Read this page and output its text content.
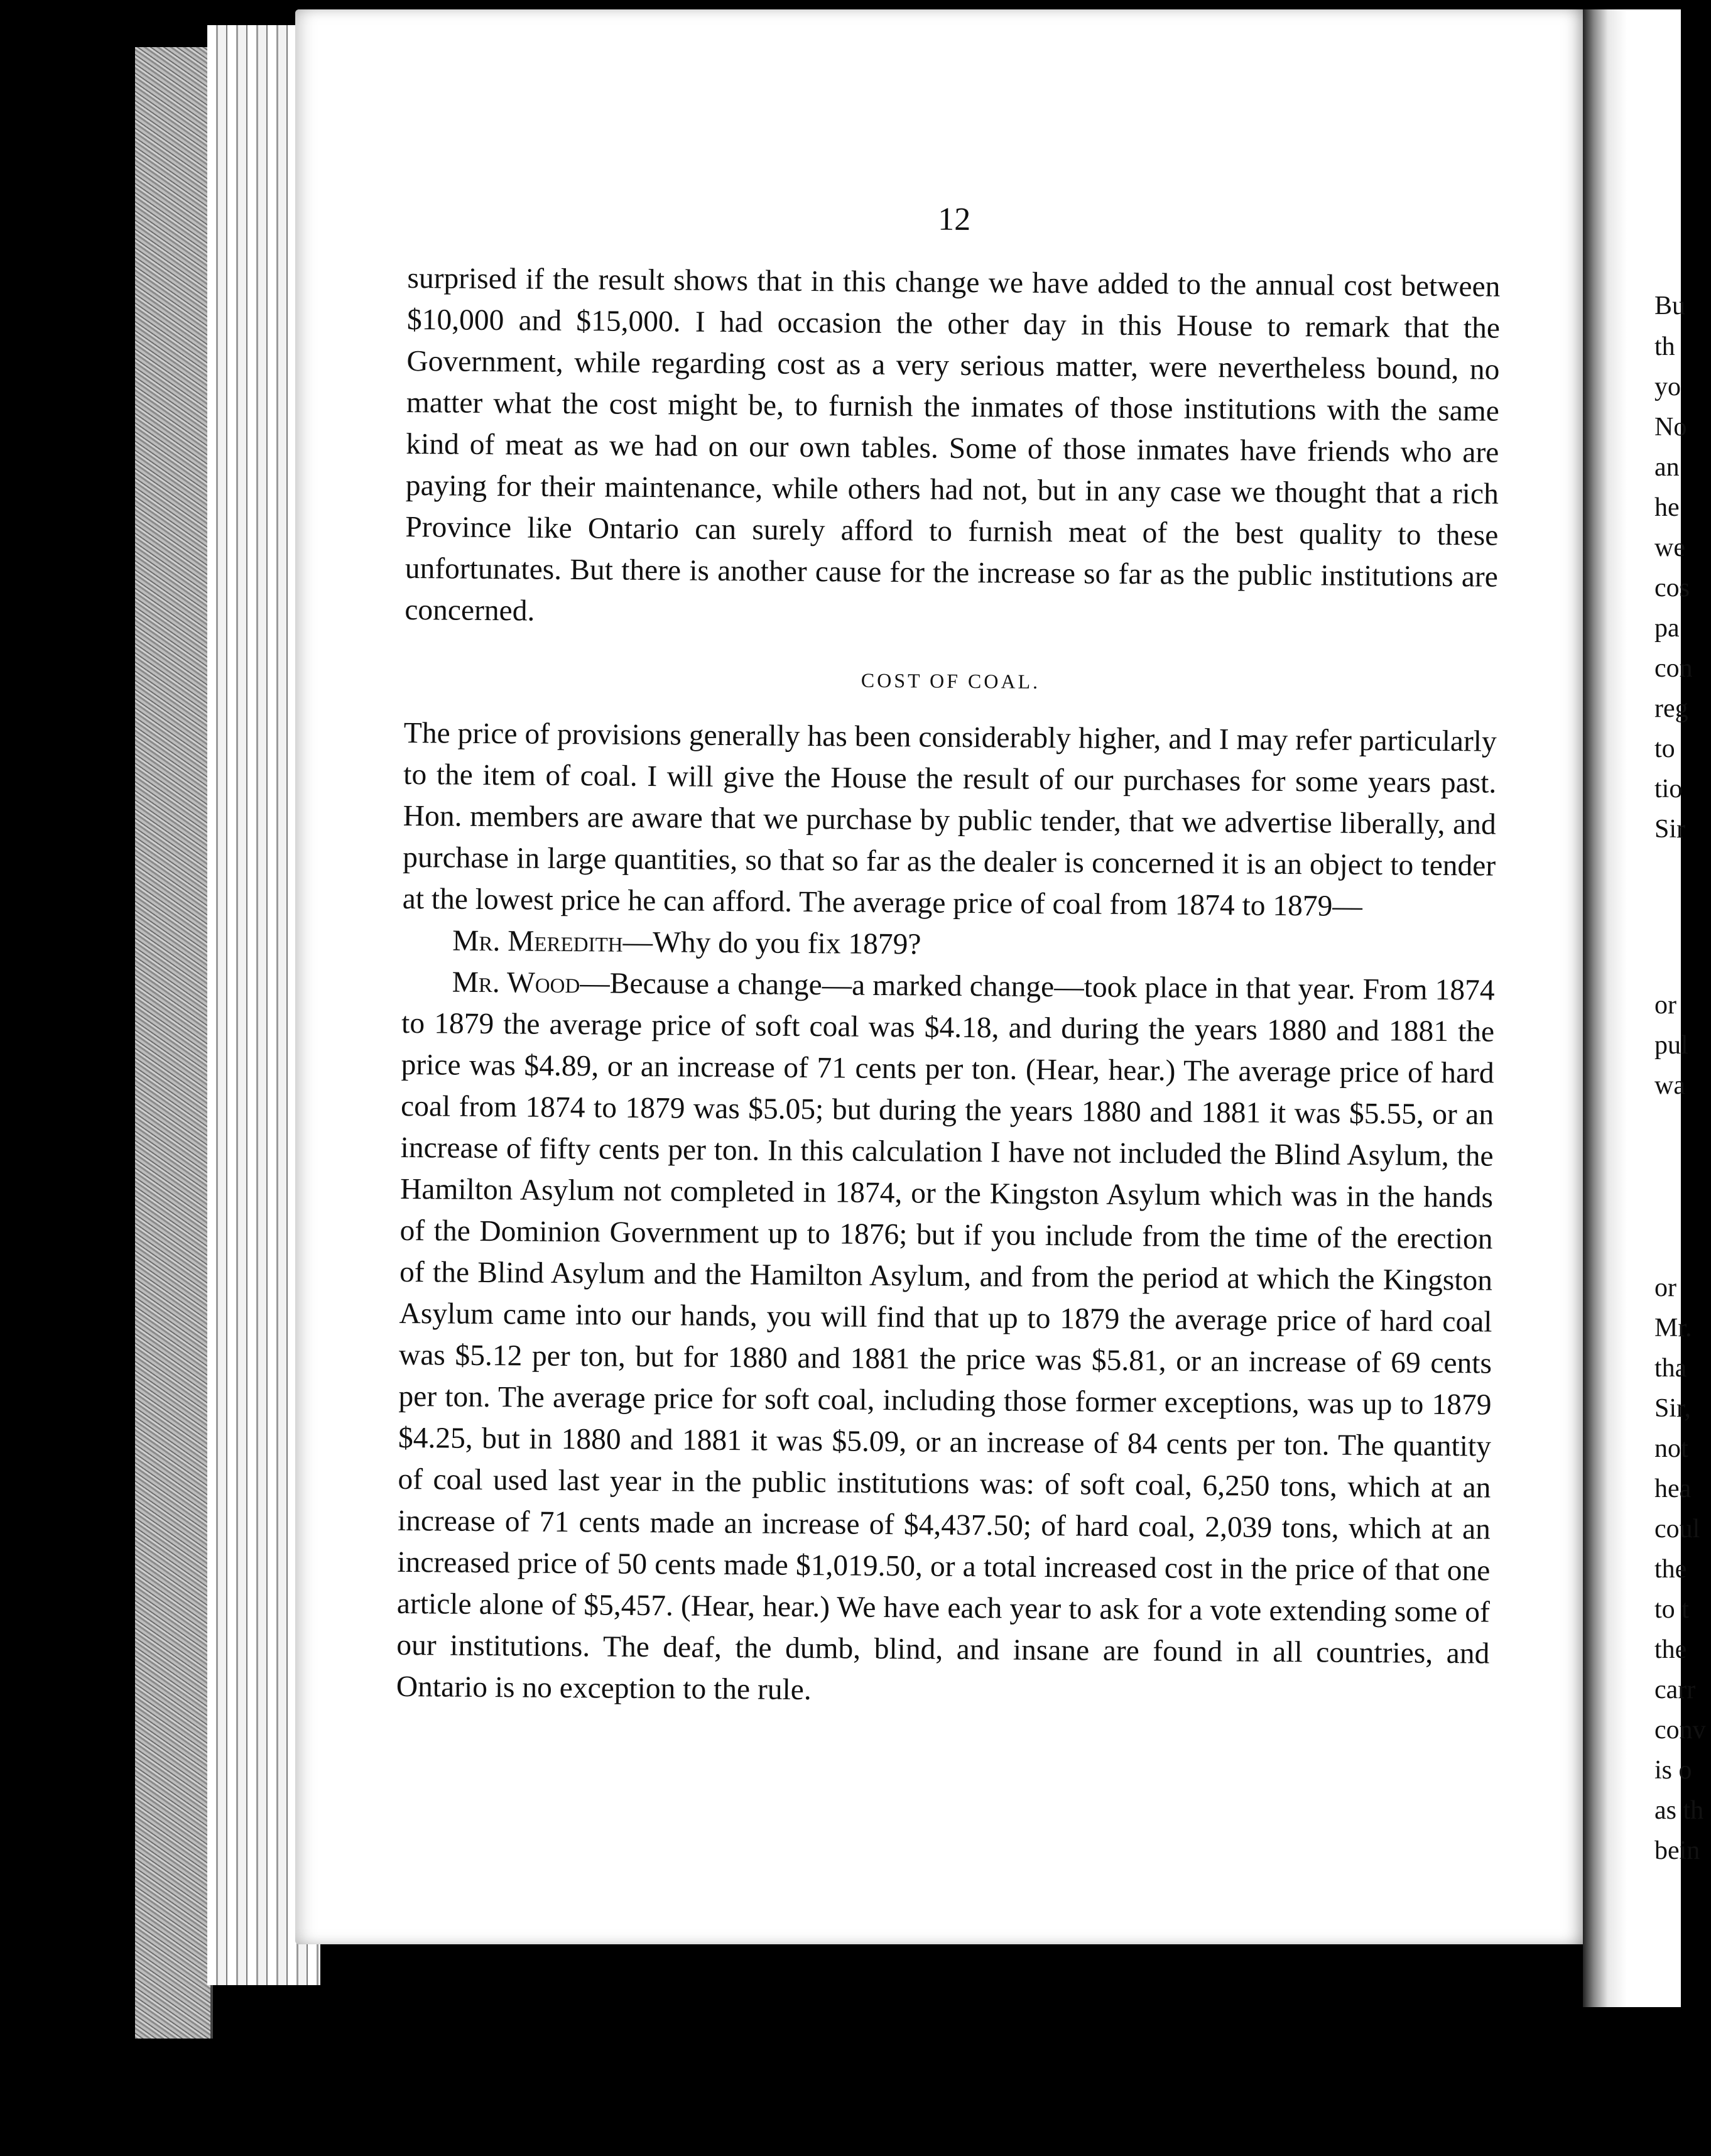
12

surprised if the result shows that in this change we have added to the annual cost between $10,000 and $15,000. I had occasion the other day in this House to remark that the Government, while regarding cost as a very serious matter, were nevertheless bound, no matter what the cost might be, to furnish the inmates of those institutions with the same kind of meat as we had on our own tables. Some of those inmates have friends who are paying for their maintenance, while others had not, but in any case we thought that a rich Province like Ontario can surely afford to furnish meat of the best quality to these unfortunates. But there is another cause for the increase so far as the public institutions are concerned.

COST OF COAL.

The price of provisions generally has been considerably higher, and I may refer particularly to the item of coal. I will give the House the result of our purchases for some years past. Hon. members are aware that we purchase by public tender, that we advertise liberally, and purchase in large quantities, so that so far as the dealer is concerned it is an object to tender at the lowest price he can afford. The average price of coal from 1874 to 1879—

Mr. Meredith—Why do you fix 1879?

Mr. Wood—Because a change—a marked change—took place in that year. From 1874 to 1879 the average price of soft coal was $4.18, and during the years 1880 and 1881 the price was $4.89, or an increase of 71 cents per ton. (Hear, hear.) The average price of hard coal from 1874 to 1879 was $5.05; but during the years 1880 and 1881 it was $5.55, or an increase of fifty cents per ton. In this calculation I have not included the Blind Asylum, the Hamilton Asylum not completed in 1874, or the Kingston Asylum which was in the hands of the Dominion Government up to 1876; but if you include from the time of the erection of the Blind Asylum and the Hamilton Asylum, and from the period at which the Kingston Asylum came into our hands, you will find that up to 1879 the average price of hard coal was $5.12 per ton, but for 1880 and 1881 the price was $5.81, or an increase of 69 cents per ton. The average price for soft coal, including those former exceptions, was up to 1879 $4.25, but in 1880 and 1881 it was $5.09, or an increase of 84 cents per ton. The quantity of coal used last year in the public institutions was: of soft coal, 6,250 tons, which at an increase of 71 cents made an increase of $4,437.50; of hard coal, 2,039 tons, which at an increased price of 50 cents made $1,019.50, or a total increased cost in the price of that one article alone of $5,457. (Hear, hear.) We have each year to ask for a vote extending some of our institutions. The deaf, the dumb, blind, and insane are found in all countries, and Ontario is no exception to the rule.

Bu
th
yo
No
an
he
we
cos
pa
con
reg
to
tio
Sir
or
pul
wa
or
Mr.
tha
Sir,
not
hea
coul
the
to t
the
carr
conv
is o
as th
bein
